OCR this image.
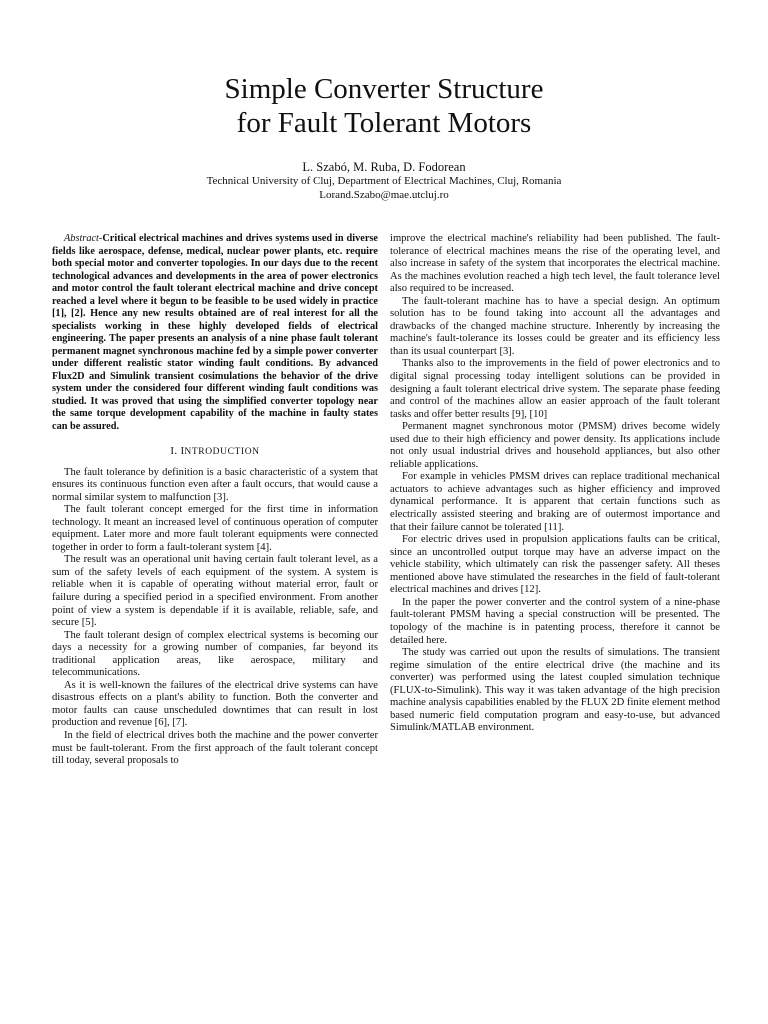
Simple Converter Structure
for Fault Tolerant Motors
L. Szabó, M. Ruba, D. Fodorean
Technical University of Cluj, Department of Electrical Machines, Cluj, Romania
Lorand.Szabo@mae.utcluj.ro

Abstract-Critical electrical machines and drives systems used in diverse fields like aerospace, defense, medical, nuclear power plants, etc. require both special motor and converter topologies. In our days due to the recent technological advances and developments in the area of power electronics and motor control the fault tolerant electrical machine and drive concept reached a level where it begun to be feasible to be used widely in practice [1], [2]. Hence any new results obtained are of real interest for all the specialists working in these highly developed fields of electrical engineering. The paper presents an analysis of a nine phase fault tolerant permanent magnet synchronous machine fed by a simple power converter under different realistic stator winding fault conditions. By advanced Flux2D and Simulink transient cosimulations the behavior of the drive system under the considered four different winding fault conditions was studied. It was proved that using the simplified converter topology near the same torque development capability of the machine in faulty states can be assured.

I. INTRODUCTION

The fault tolerance by definition is a basic characteristic of a system that ensures its continuous function even after a fault occurs, that would cause a normal similar system to malfunction [3].

The fault tolerant concept emerged for the first time in information technology. It meant an increased level of continuous operation of computer equipment. Later more and more fault tolerant equipments were connected together in order to form a fault-tolerant system [4].

The result was an operational unit having certain fault tolerant level, as a sum of the safety levels of each equipment of the system. A system is reliable when it is capable of operating without material error, fault or failure during a specified period in a specified environment. From another point of view a system is dependable if it is available, reliable, safe, and secure [5].

The fault tolerant design of complex electrical systems is becoming our days a necessity for a growing number of companies, far beyond its traditional application areas, like aerospace, military and telecommunications.

As it is well-known the failures of the electrical drive systems can have disastrous effects on a plant's ability to function. Both the converter and motor faults can cause unscheduled downtimes that can result in lost production and revenue [6], [7].

In the field of electrical drives both the machine and the power converter must be fault-tolerant. From the first approach of the fault tolerant concept till today, several proposals to

improve the electrical machine's reliability had been published. The fault-tolerance of electrical machines means the rise of the operating level, and also increase in safety of the system that incorporates the electrical machine. As the machines evolution reached a high tech level, the fault tolerance level also required to be increased.

The fault-tolerant machine has to have a special design. An optimum solution has to be found taking into account all the advantages and drawbacks of the changed machine structure. Inherently by increasing the machine's fault-tolerance its losses could be greater and its efficiency less than its usual counterpart [3].

Thanks also to the improvements in the field of power electronics and to digital signal processing today intelligent solutions can be provided in designing a fault tolerant electrical drive system. The separate phase feeding and control of the machines allow an easier approach of the fault tolerant tasks and offer better results [9], [10]

Permanent magnet synchronous motor (PMSM) drives become widely used due to their high efficiency and power density. Its applications include not only usual industrial drives and household appliances, but also other reliable applications.

For example in vehicles PMSM drives can replace traditional mechanical actuators to achieve advantages such as higher efficiency and improved dynamical performance. It is apparent that certain functions such as electrically assisted steering and braking are of outermost importance and that their failure cannot be tolerated [11].

For electric drives used in propulsion applications faults can be critical, since an uncontrolled output torque may have an adverse impact on the vehicle stability, which ultimately can risk the passenger safety. All theses mentioned above have stimulated the researches in the field of fault-tolerant electrical machines and drives [12].

In the paper the power converter and the control system of a nine-phase fault-tolerant PMSM having a special construction will be presented. The topology of the machine is in patenting process, therefore it cannot be detailed here.

The study was carried out upon the results of simulations. The transient regime simulation of the entire electrical drive (the machine and its converter) was performed using the latest coupled simulation technique (FLUX-to-Simulink). This way it was taken advantage of the high precision machine analysis capabilities enabled by the FLUX 2D finite element method based numeric field computation program and easy-to-use, but advanced Simulink/MATLAB environment.
